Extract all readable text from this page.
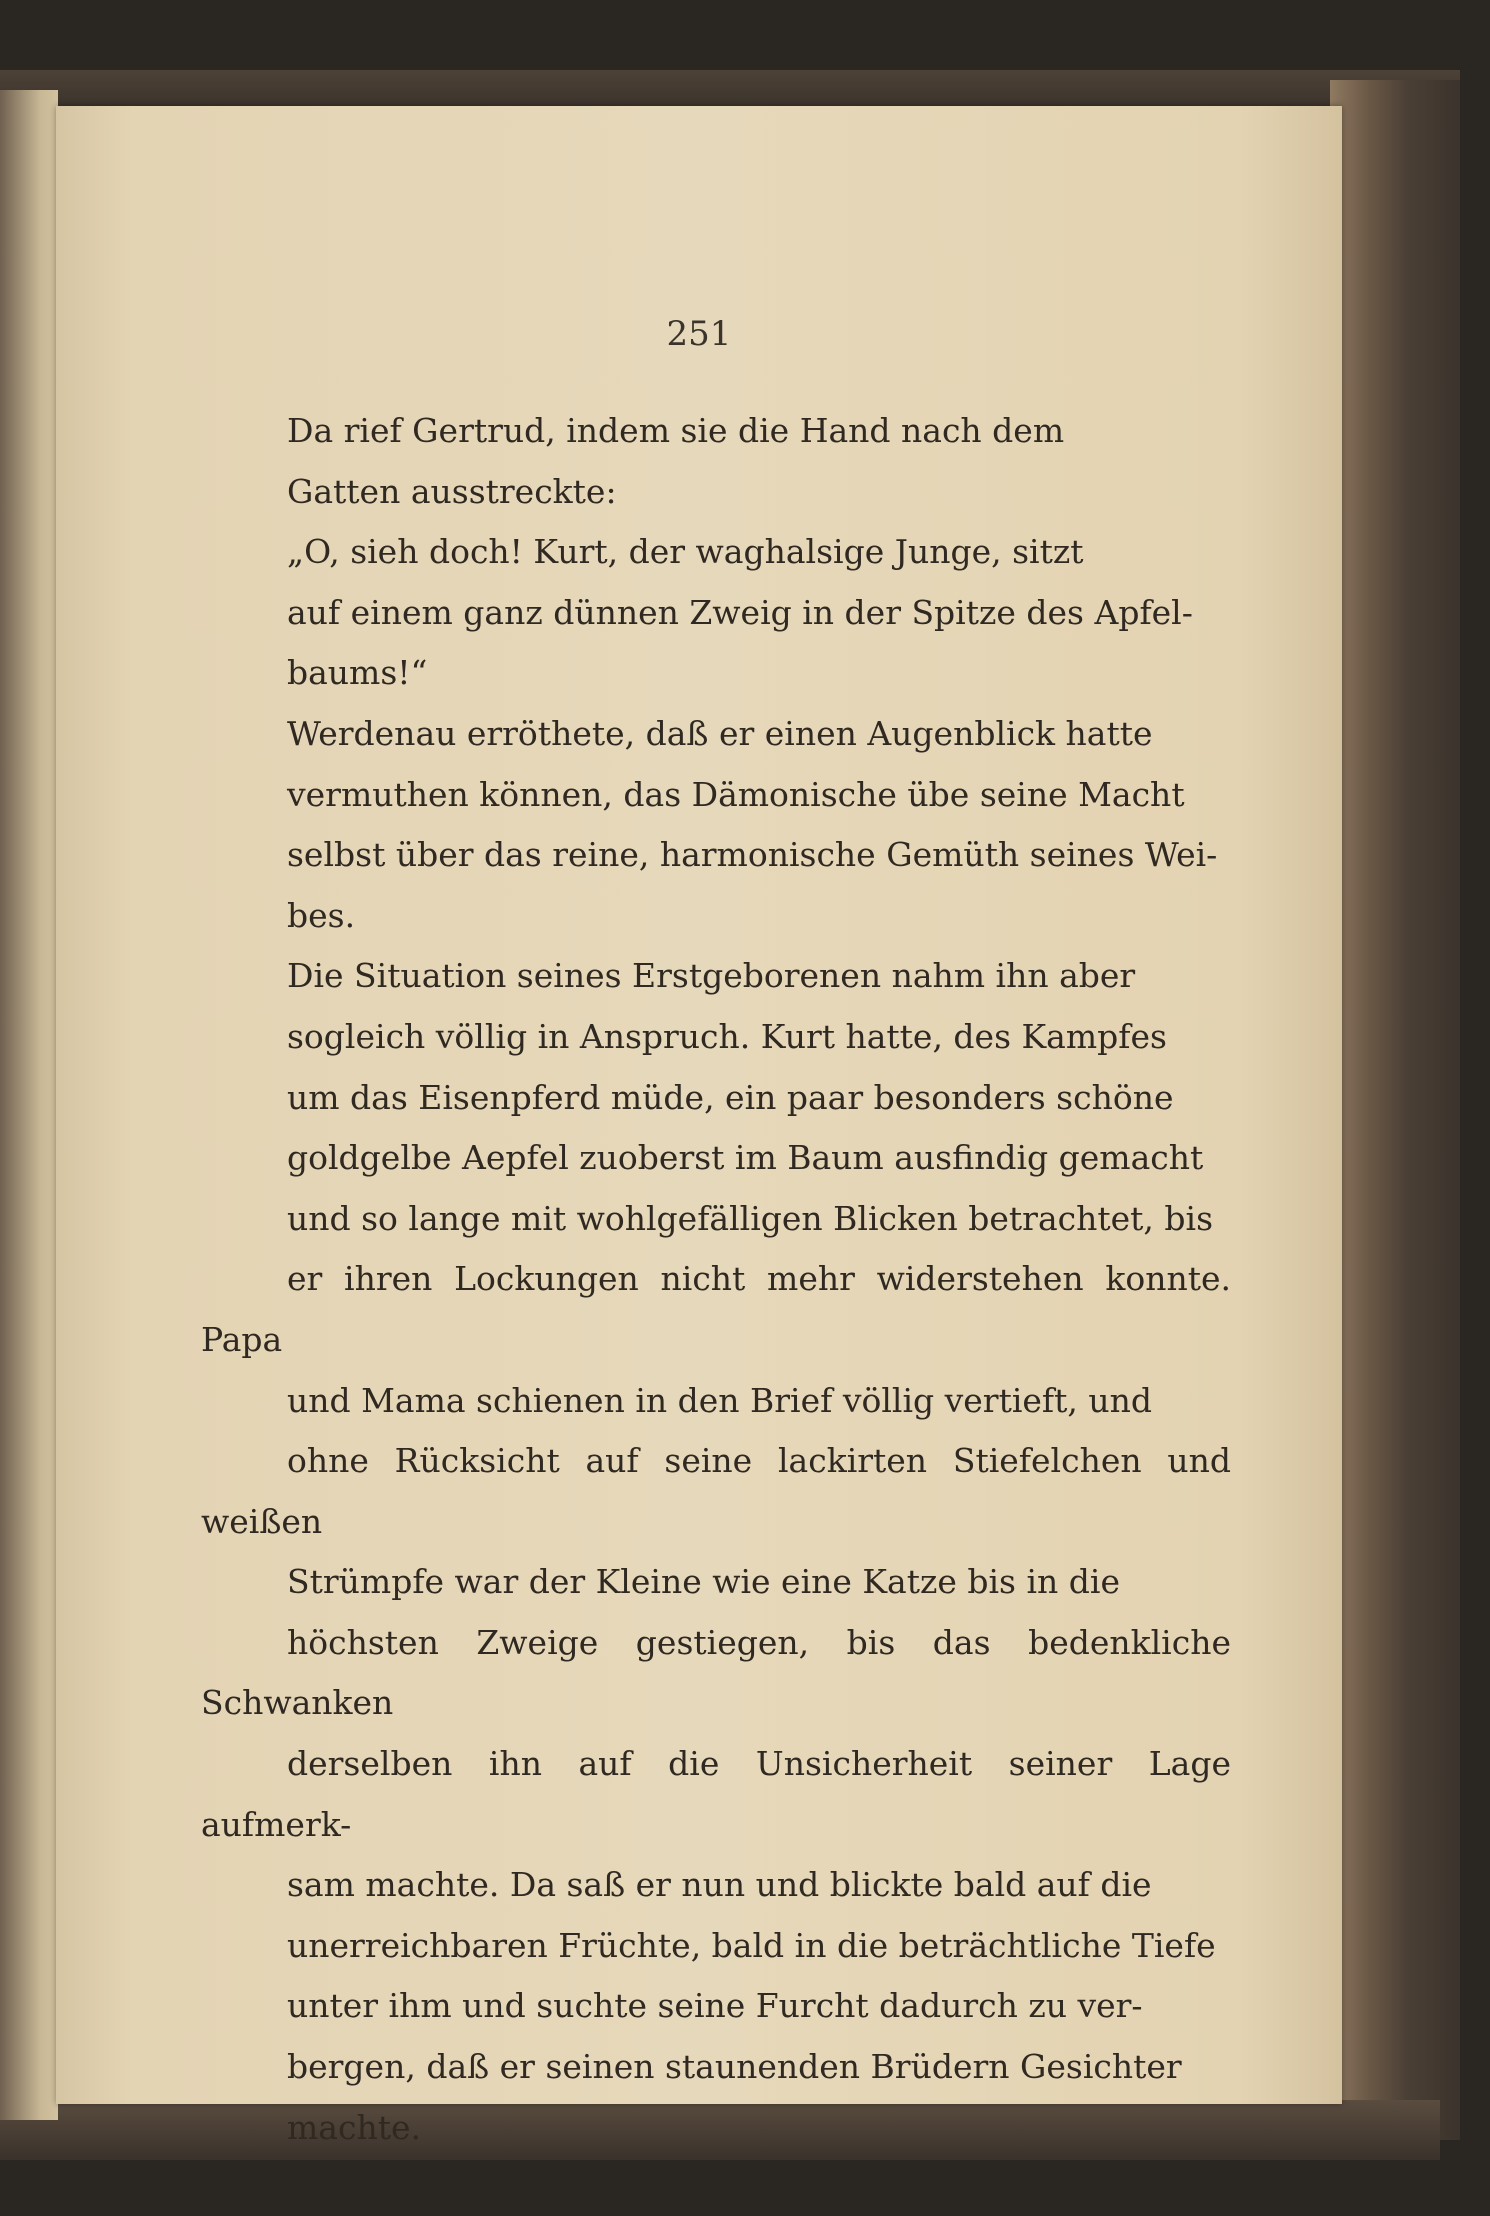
251

Da rief Gertrud, indem sie die Hand nach dem
Gatten ausstreckte:

„O, sieh doch! Kurt, der waghalsige Junge, sitzt
auf einem ganz dünnen Zweig in der Spitze des Apfel-
baums!“

Werdenau erröthete, daß er einen Augenblick hatte
vermuthen können, das Dämonische übe seine Macht
selbst über das reine, harmonische Gemüth seines Wei-
bes.

Die Situation seines Erstgeborenen nahm ihn aber
sogleich völlig in Anspruch. Kurt hatte, des Kampfes
um das Eisenpferd müde, ein paar besonders schöne
goldgelbe Aepfel zuoberst im Baum ausfindig gemacht
und so lange mit wohlgefälligen Blicken betrachtet, bis
er ihren Lockungen nicht mehr widerstehen konnte. Papa
und Mama schienen in den Brief völlig vertieft, und
ohne Rücksicht auf seine lackirten Stiefelchen und weißen
Strümpfe war der Kleine wie eine Katze bis in die
höchsten Zweige gestiegen, bis das bedenkliche Schwanken
derselben ihn auf die Unsicherheit seiner Lage aufmerk-
sam machte. Da saß er nun und blickte bald auf die
unerreichbaren Früchte, bald in die beträchtliche Tiefe
unter ihm und suchte seine Furcht dadurch zu ver-
bergen, daß er seinen staunenden Brüdern Gesichter
machte.
